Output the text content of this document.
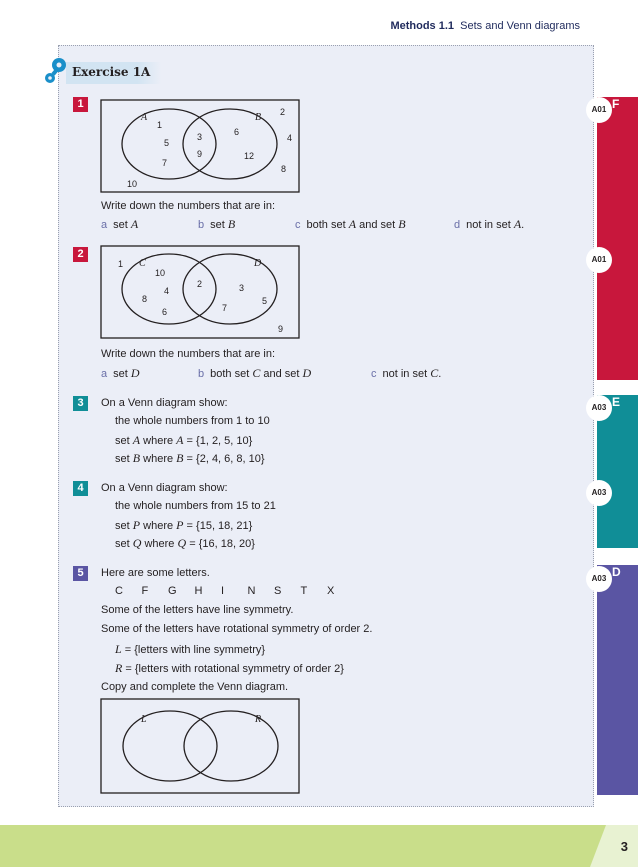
Methods 1.1 Sets and Venn diagrams
Exercise 1A
1
A	B
1
5
7
3
9
6
12
2
4
8
10
Write down the numbers that are in:
a set A	b set B	c both set A and set B	d not in set A.
2
C	D
1
10
4
8
6
2	3
7
5
9
Write down the numbers that are in:
a set D	b both set C and set D	c not in set C.
3	On a Venn diagram show:
the whole numbers from 1 to 10
set A where A = {1, 2, 5, 10}
set B where B = {2, 4, 6, 8, 10}
4	On a Venn diagram show:
the whole numbers from 15 to 21
set P where P = {15, 18, 21}
set Q where Q = {16, 18, 20}
5	Here are some letters.
C F G H I N S T X
Some of the letters have line symmetry.
Some of the letters have rotational symmetry of order 2.
L = {letters with line symmetry}
R = {letters with rotational symmetry of order 2}
Copy and complete the Venn diagram.
L	R
F
A01
A01
E
A03
A03
D
A03
3
